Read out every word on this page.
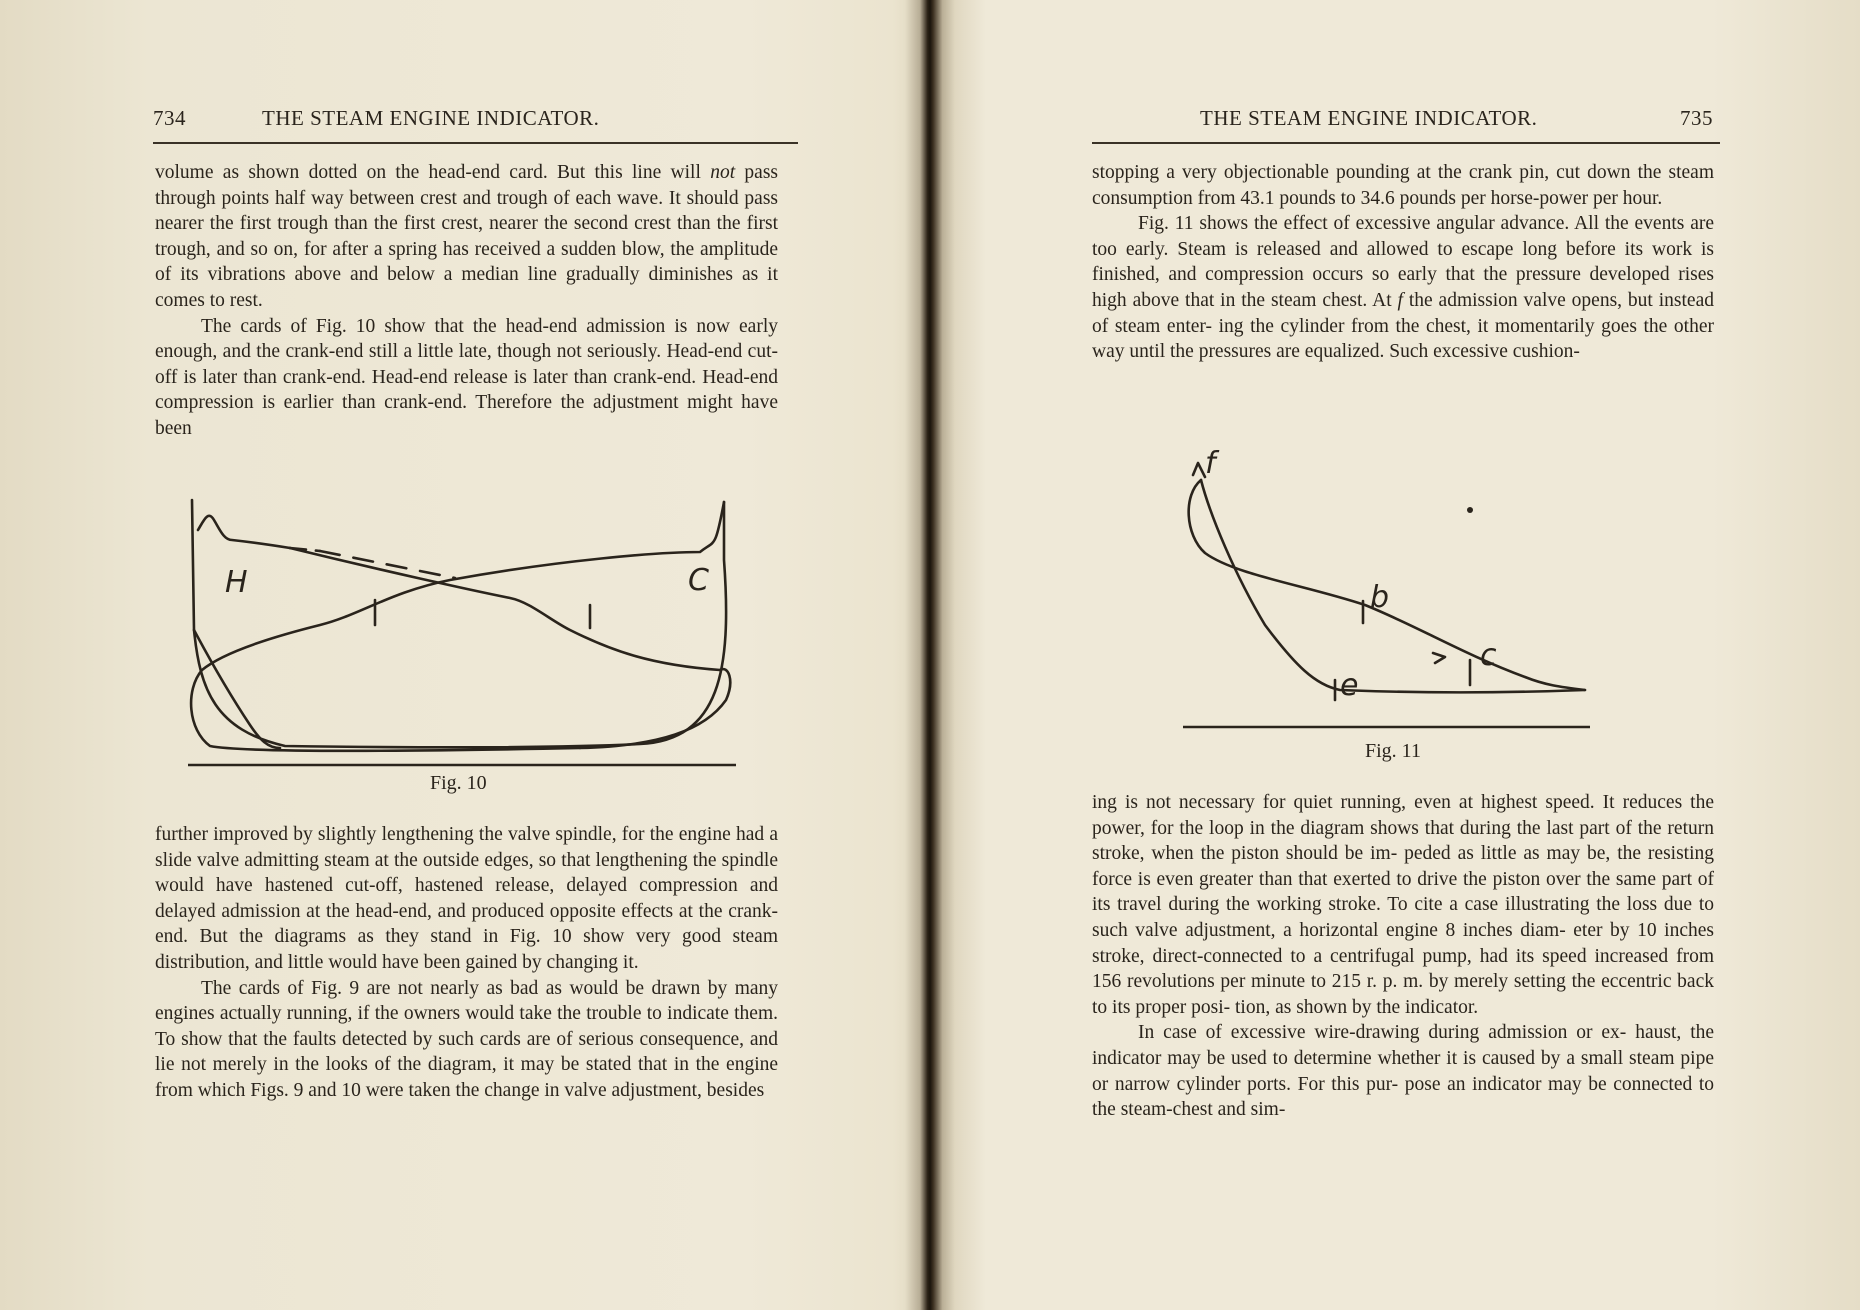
734	THE STEAM ENGINE INDICATOR.

volume as shown dotted on the head-end card. But this line will not pass through points half way between crest and trough of each wave. It should pass nearer the first trough than the first crest, nearer the second crest than the first trough, and so on, for after a spring has received a sudden blow, the amplitude of its vibrations above and below a median line gradually diminishes as it comes to rest.

The cards of Fig. 10 show that the head-end admission is now early enough, and the crank-end still a little late, though not seriously. Head-end cut-off is later than crank-end. Head-end release is later than crank-end. Head-end compression is earlier than crank-end. Therefore the adjustment might have been

H	C
Fig. 10

further improved by slightly lengthening the valve spindle, for the engine had a slide valve admitting steam at the outside edges, so that lengthening the spindle would have hastened cut-off, hastened release, delayed compression and delayed admission at the head-end, and produced opposite effects at the crank-end. But the diagrams as they stand in Fig. 10 show very good steam distribution, and little would have been gained by changing it.

The cards of Fig. 9 are not nearly as bad as would be drawn by many engines actually running, if the owners would take the trouble to indicate them. To show that the faults detected by such cards are of serious consequence, and lie not merely in the looks of the diagram, it may be stated that in the engine from which Figs. 9 and 10 were taken the change in valve adjustment, besides

THE STEAM ENGINE INDICATOR.	735

stopping a very objectionable pounding at the crank pin, cut down the steam consumption from 43.1 pounds to 34.6 pounds per horse-power per hour.

Fig. 11 shows the effect of excessive angular advance. All the events are too early. Steam is released and allowed to escape long before its work is finished, and compression occurs so early that the pressure developed rises high above that in the steam chest. At f the admission valve opens, but instead of steam enter- ing the cylinder from the chest, it momentarily goes the other way until the pressures are equalized. Such excessive cushion-

f
b
c
e
Fig. 11

ing is not necessary for quiet running, even at highest speed. It reduces the power, for the loop in the diagram shows that during the last part of the return stroke, when the piston should be im- peded as little as may be, the resisting force is even greater than that exerted to drive the piston over the same part of its travel during the working stroke. To cite a case illustrating the loss due to such valve adjustment, a horizontal engine 8 inches diam- eter by 10 inches stroke, direct-connected to a centrifugal pump, had its speed increased from 156 revolutions per minute to 215 r. p. m. by merely setting the eccentric back to its proper posi- tion, as shown by the indicator.

In case of excessive wire-drawing during admission or ex- haust, the indicator may be used to determine whether it is caused by a small steam pipe or narrow cylinder ports. For this pur- pose an indicator may be connected to the steam-chest and sim-
